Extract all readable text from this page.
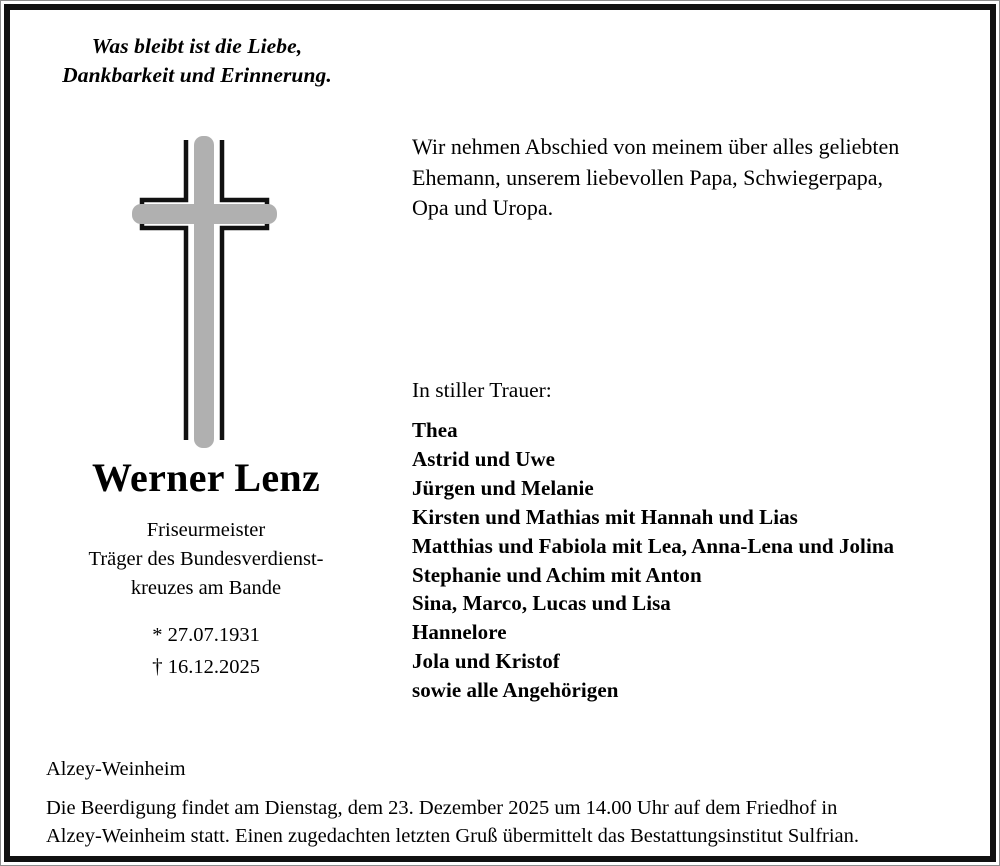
Was bleibt ist die Liebe,
Dankbarkeit und Erinnerung.
Werner Lenz

Friseurmeister

Träger des Bundesverdienst-
kreuzes am Bande

* 27.07.1931
† 16.12.2025

Wir nehmen Abschied von meinem über alles geliebten
Ehemann, unserem liebevollen Papa, Schwiegerpapa,
Opa und Uropa.
In stiller Trauer:
Thea
Astrid und Uwe
Jürgen und Melanie
Kirsten und Mathias mit Hannah und Lias
Matthias und Fabiola mit Lea, Anna-Lena und Jolina
Stephanie und Achim mit Anton
Sina, Marco, Lucas und Lisa
Hannelore
Jola und Kristof
sowie alle Angehörigen
Alzey-Weinheim
Die Beerdigung findet am Dienstag, dem 23. Dezember 2025 um 14.00 Uhr auf dem Friedhof in
Alzey-Weinheim statt. Einen zugedachten letzten Gruß übermittelt das Bestattungsinstitut Sulfrian.
